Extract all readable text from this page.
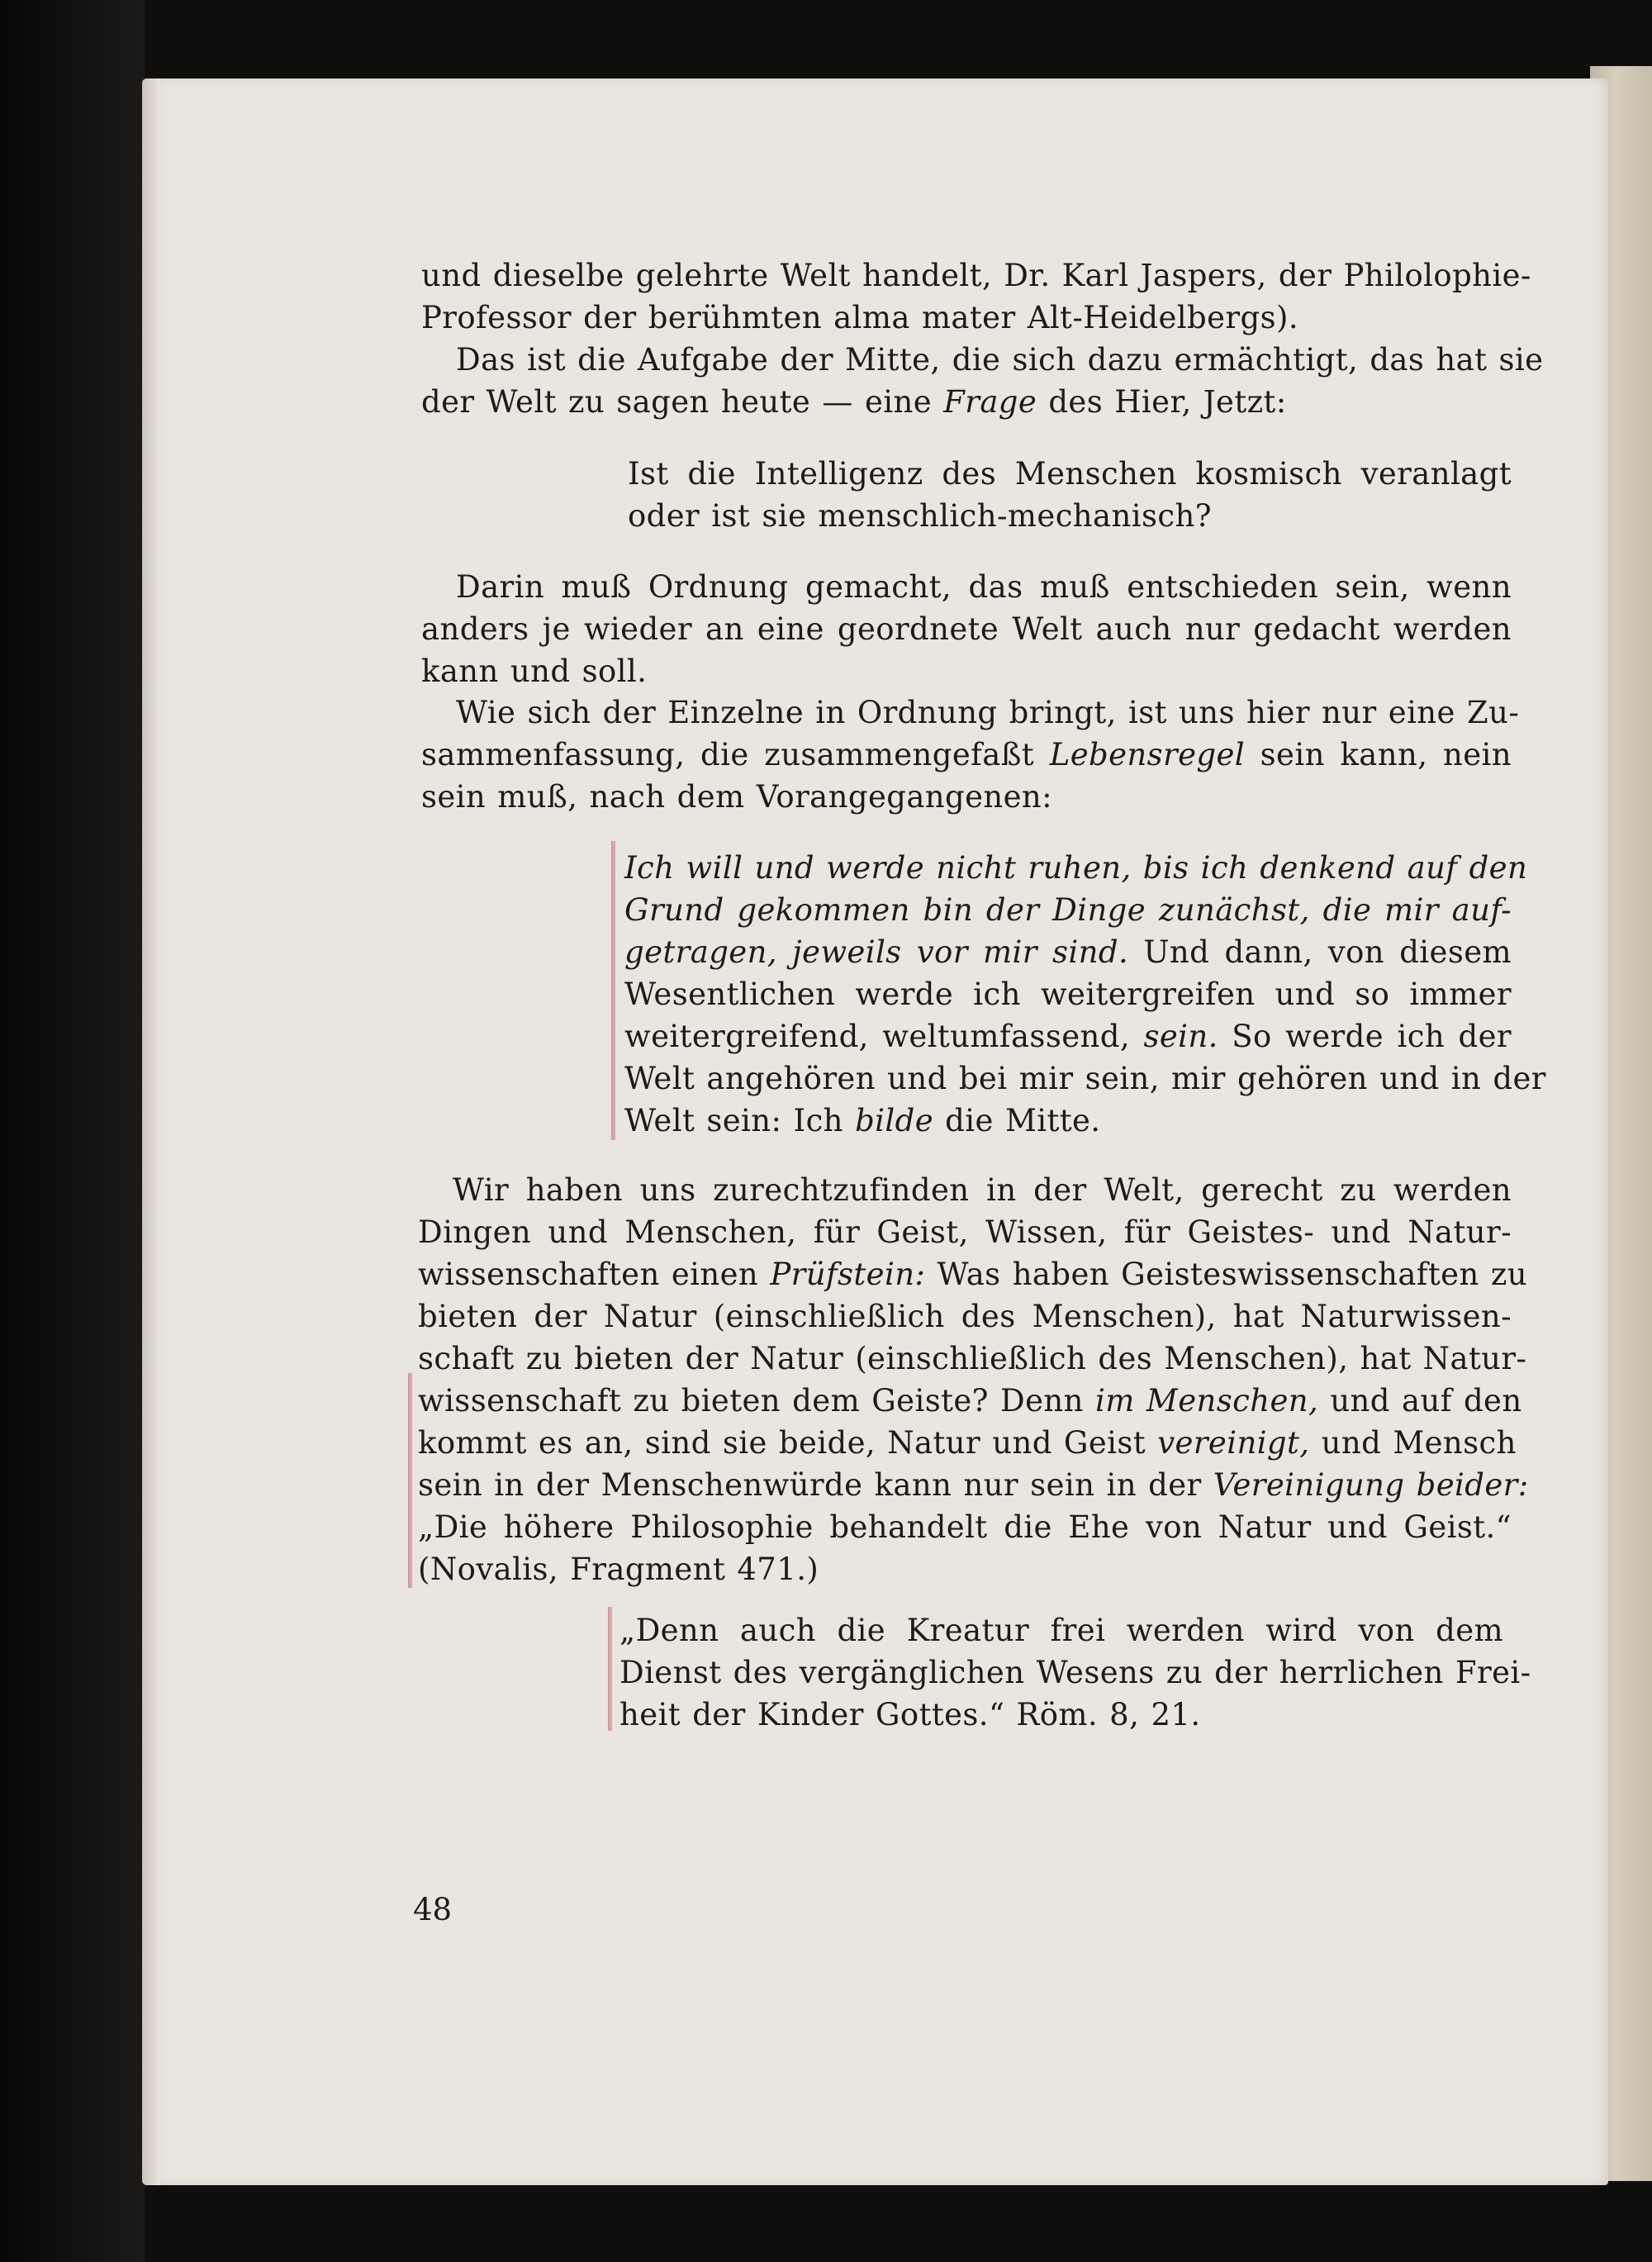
und dieselbe gelehrte Welt handelt, Dr. Karl Jaspers, der Philolophie-
Professor der berühmten alma mater Alt-Heidelbergs).
Das ist die Aufgabe der Mitte, die sich dazu ermächtigt, das hat sie
der Welt zu sagen heute — eine Frage des Hier, Jetzt:
Ist die Intelligenz des Menschen kosmisch veranlagt
oder ist sie menschlich-mechanisch?
Darin muß Ordnung gemacht, das muß entschieden sein, wenn
anders je wieder an eine geordnete Welt auch nur gedacht werden
kann und soll.
Wie sich der Einzelne in Ordnung bringt, ist uns hier nur eine Zu-
sammenfassung, die zusammengefaßt Lebensregel sein kann, nein
sein muß, nach dem Vorangegangenen:
Ich will und werde nicht ruhen, bis ich denkend auf den
Grund gekommen bin der Dinge zunächst, die mir auf-
getragen, jeweils vor mir sind. Und dann, von diesem
Wesentlichen werde ich weitergreifen und so immer
weitergreifend, weltumfassend, sein. So werde ich der
Welt angehören und bei mir sein, mir gehören und in der
Welt sein: Ich bilde die Mitte.
Wir haben uns zurechtzufinden in der Welt, gerecht zu werden
Dingen und Menschen, für Geist, Wissen, für Geistes- und Natur-
wissenschaften einen Prüfstein: Was haben Geisteswissenschaften zu
bieten der Natur (einschließlich des Menschen), hat Naturwissen-
schaft zu bieten der Natur (einschließlich des Menschen), hat Natur-
wissenschaft zu bieten dem Geiste? Denn im Menschen, und auf den
kommt es an, sind sie beide, Natur und Geist vereinigt, und Mensch
sein in der Menschenwürde kann nur sein in der Vereinigung beider:
„Die höhere Philosophie behandelt die Ehe von Natur und Geist.“
(Novalis, Fragment 471.)
„Denn auch die Kreatur frei werden wird von dem
Dienst des vergänglichen Wesens zu der herrlichen Frei-
heit der Kinder Gottes.“ Röm. 8, 21.
48
